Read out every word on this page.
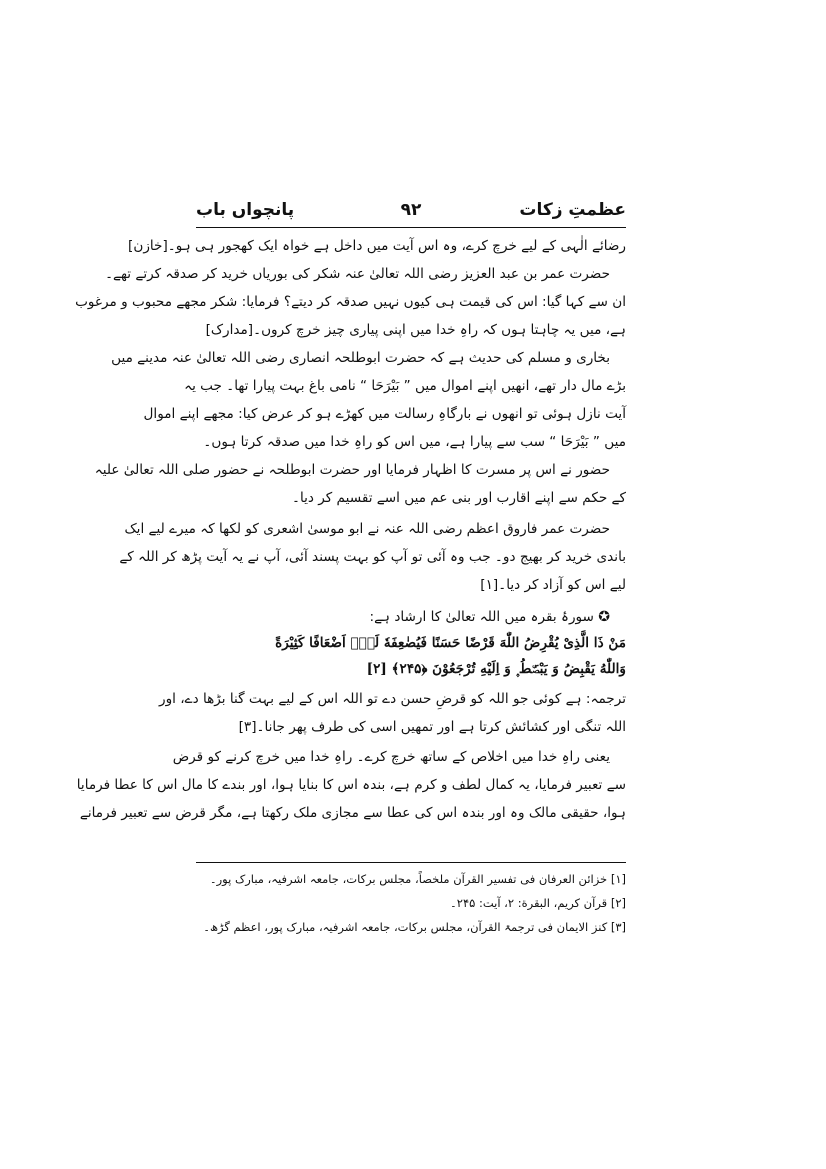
عظمتِ زکات
۹۲
پانچواں باب
رضائے الٰہی کے لیے خرچ کرے، وہ اس آیت میں داخل ہے خواہ ایک کھجور ہی ہو۔[خازن]
حضرت عمر بن عبد العزیز رضی اللہ تعالیٰ عنہ شکر کی بوریاں خرید کر صدقہ کرتے تھے۔
ان سے کہا گیا: اس کی قیمت ہی کیوں نہیں صدقہ کر دیتے؟ فرمایا: شکر مجھے محبوب و مرغوب
ہے، میں یہ چاہتا ہوں کہ راہِ خدا میں اپنی پیاری چیز خرچ کروں۔[مدارک]
بخاری و مسلم کی حدیث ہے کہ حضرت ابوطلحہ انصاری رضی اللہ تعالیٰ عنہ مدینے میں
بڑے مال دار تھے، انھیں اپنے اموال میں ” بَيْرَحَا “ نامی باغ بہت پیارا تھا۔ جب یہ
آیت نازل ہوئی تو انھوں نے بارگاہِ رسالت میں کھڑے ہو کر عرض کیا: مجھے اپنے اموال
میں ” بَيْرَحَا “ سب سے پیارا ہے، میں اس کو راہِ خدا میں صدقہ کرتا ہوں۔
حضور نے اس پر مسرت کا اظہار فرمایا اور حضرت ابوطلحہ نے حضور صلی اللہ تعالیٰ علیہ
کے حکم سے اپنے اقارب اور بنی عم میں اسے تقسیم کر دیا۔
حضرت عمر فاروق اعظم رضی اللہ عنہ نے ابو موسیٰ اشعری کو لکھا کہ میرے لیے ایک
باندی خرید کر بھیج دو۔ جب وہ آئی تو آپ کو بہت پسند آئی، آپ نے یہ آیت پڑھ کر اللہ کے
لیے اس کو آزاد کر دیا۔[۱]
✪ سورۂ بقرہ میں اللہ تعالیٰ کا ارشاد ہے:
مَنْ ذَا الَّذِیْ یُقْرِضُ اللّٰهَ قَرْضًا حَسَنًا فَیُضٰعِفَهٗ لَهٗۤ اَضْعَافًا كَثِیْرَةً
وَاللّٰهُ یَقْبِضُ وَ یَبْصُۜطُ ۪ وَ اِلَیْهِ تُرْجَعُوْنَ ﴿۲۴۵﴾ [۲]
ترجمہ: ہے کوئی جو اللہ کو قرضِ حسن دے تو اللہ اس کے لیے بہت گنا بڑھا دے، اور
اللہ تنگی اور کشائش کرتا ہے اور تمھیں اسی کی طرف پھر جانا۔[۳]
یعنی راہِ خدا میں اخلاص کے ساتھ خرچ کرے۔ راہِ خدا میں خرچ کرنے کو قرض
سے تعبیر فرمایا، یہ کمال لطف و کرم ہے، بندہ اس کا بنایا ہوا، اور بندے کا مال اس کا عطا فرمایا
ہوا، حقیقی مالک وہ اور بندہ اس کی عطا سے مجازی ملک رکھتا ہے، مگر قرض سے تعبیر فرمانے
[۱] خزائن العرفان فی تفسیر القرآن ملخصاً، مجلس برکات، جامعہ اشرفیہ، مبارک پور۔
[۲] قرآن کریم، البقرة: ۲، آیت: ۲۴۵۔
[۳] کنز الایمان فی ترجمۃ القرآن، مجلس برکات، جامعہ اشرفیہ، مبارک پور، اعظم گڑھ۔
